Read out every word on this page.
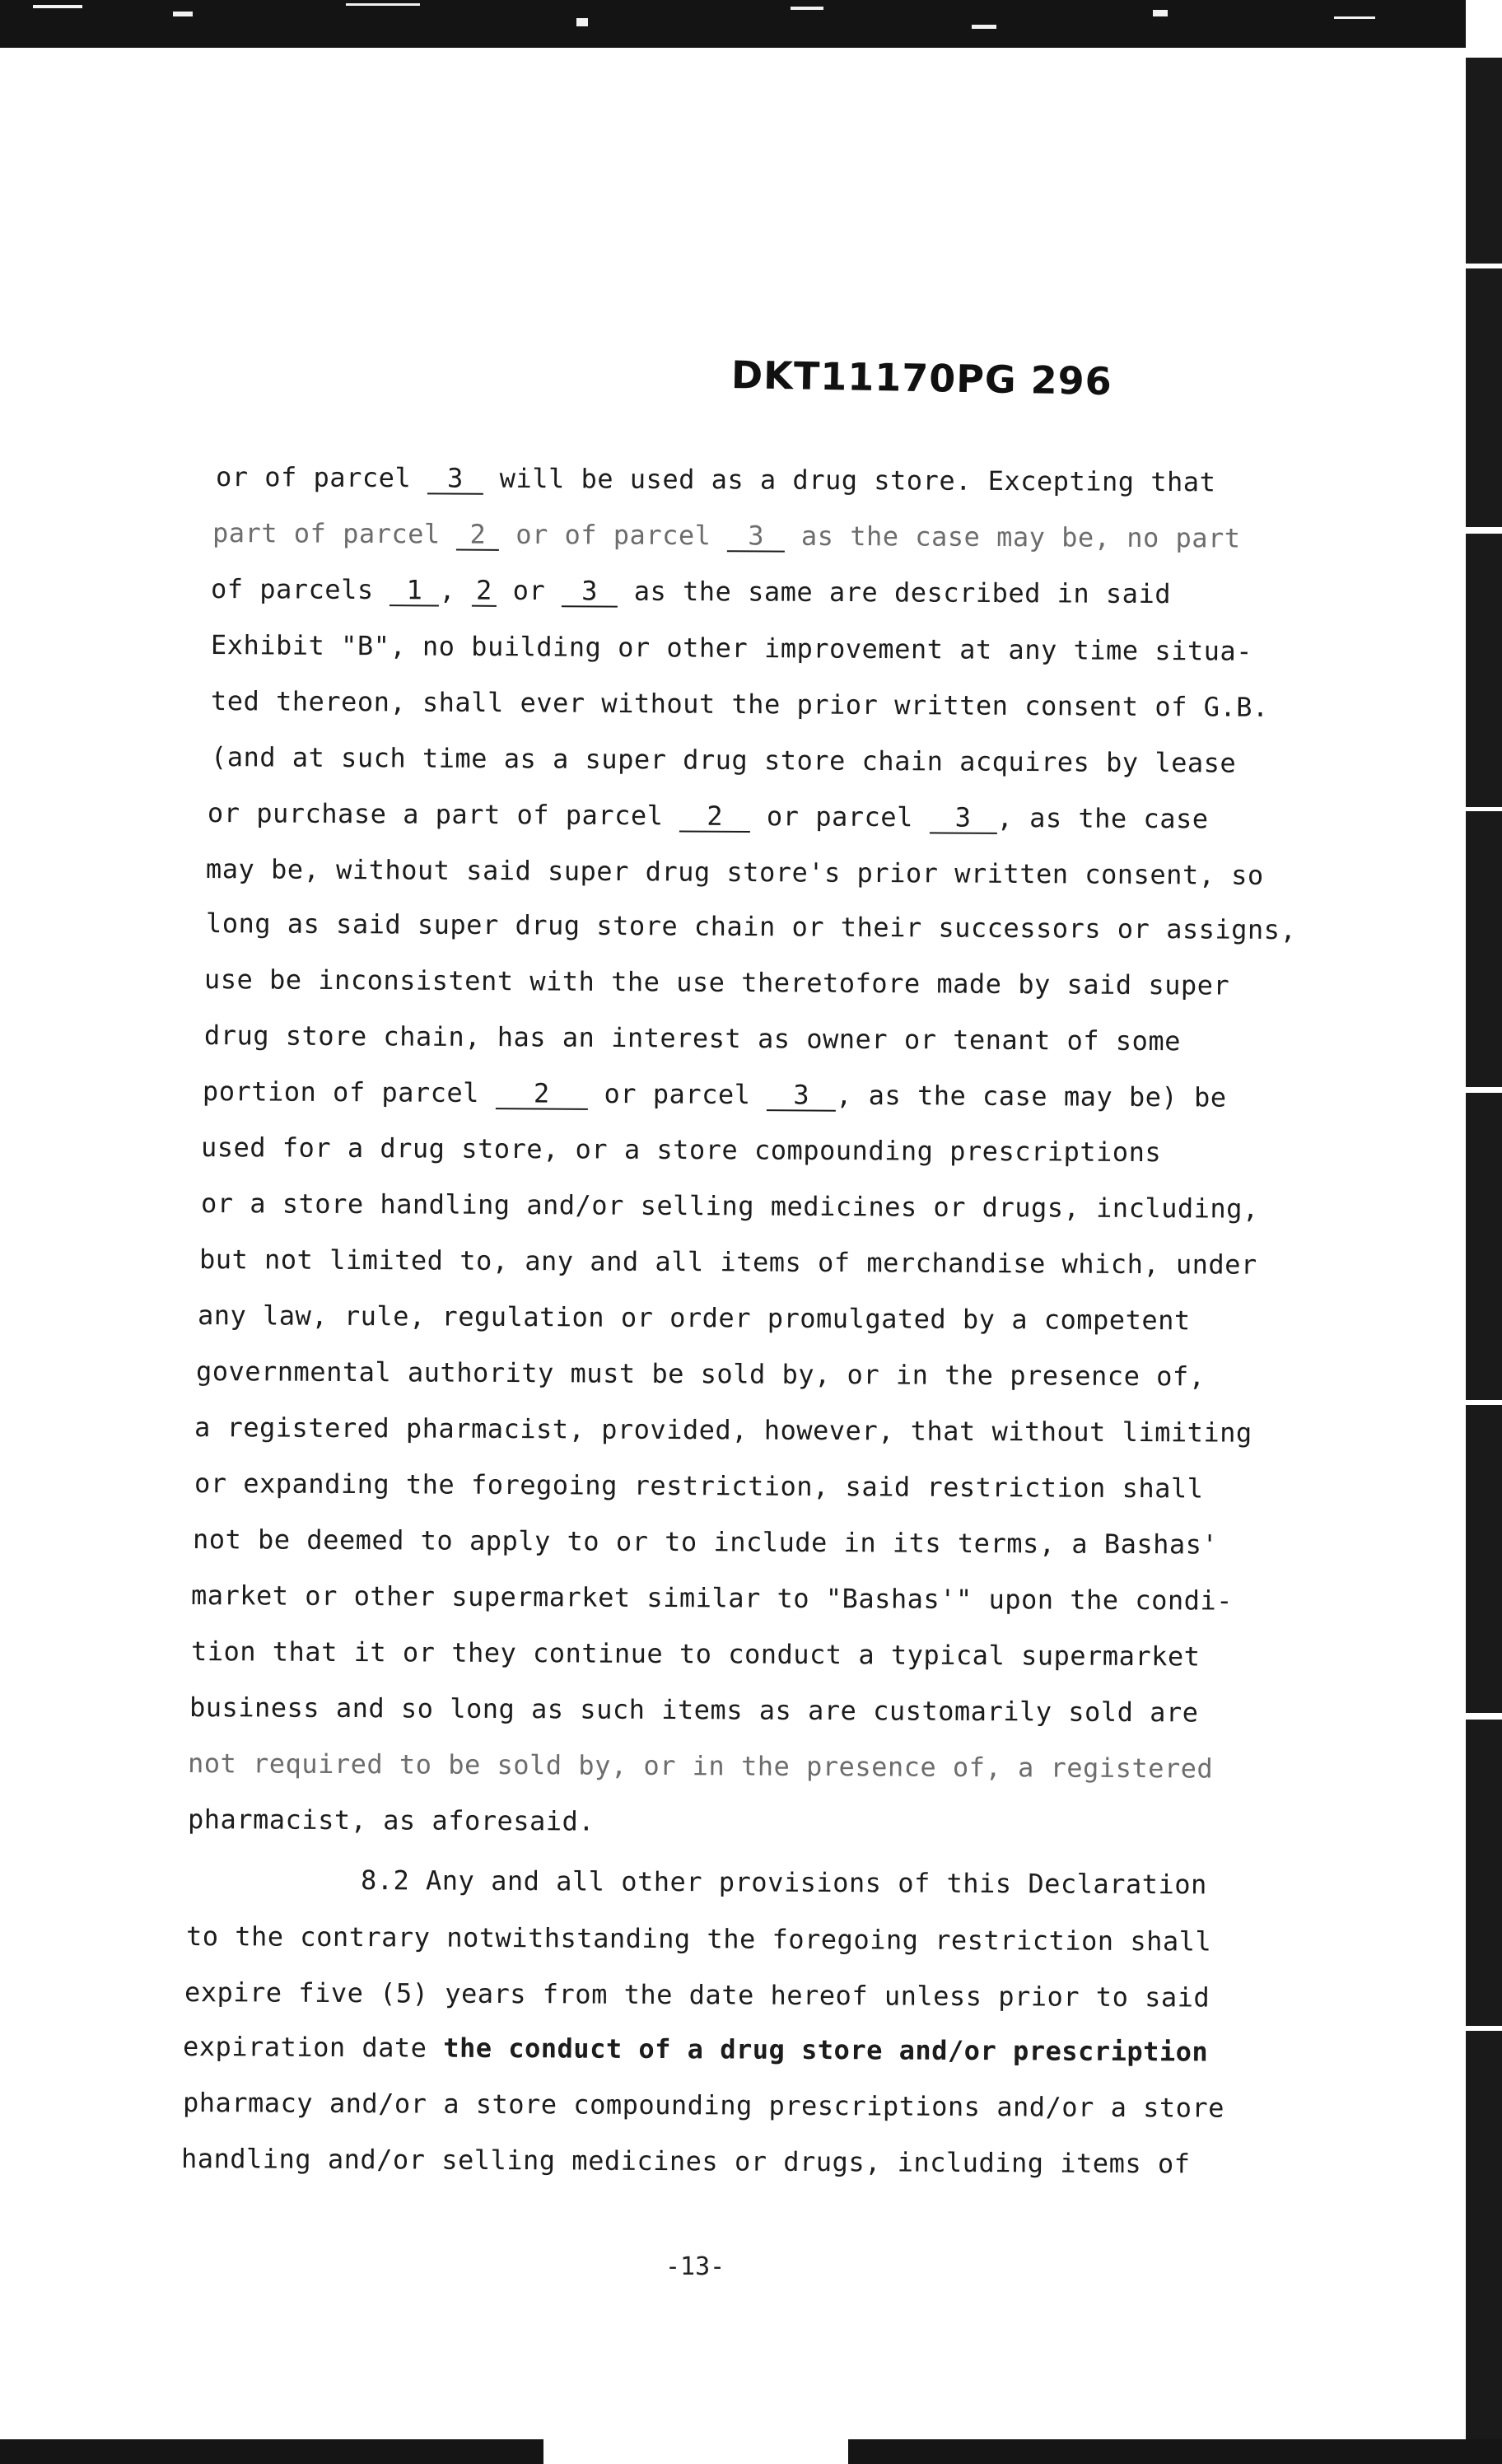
DKT11170PG 296
or of parcel 3 will be used as a drug store. Excepting that
part of parcel 2 or of parcel 3 as the case may be, no part
of parcels 1 , 2 or 3 as the same are described in said
Exhibit "B", no building or other improvement at any time situa-
ted thereon, shall ever without the prior written consent of G.B.
(and at such time as a super drug store chain acquires by lease
or purchase a part of parcel 2 or parcel 3 , as the case
may be, without said super drug store's prior written consent, so
long as said super drug store chain or their successors or assigns,
use be inconsistent with the use theretofore made by said super
drug store chain, has an interest as owner or tenant of some
portion of parcel 2 or parcel 3 , as the case may be) be
used for a drug store, or a store compounding prescriptions
or a store handling and/or selling medicines or drugs, including,
but not limited to, any and all items of merchandise which, under
any law, rule, regulation or order promulgated by a competent
governmental authority must be sold by, or in the presence of,
a registered pharmacist, provided, however, that without limiting
or expanding the foregoing restriction, said restriction shall
not be deemed to apply to or to include in its terms, a Bashas'
market or other supermarket similar to "Bashas'" upon the condi-
tion that it or they continue to conduct a typical supermarket
business and so long as such items as are customarily sold are
not required to be sold by, or in the presence of, a registered
pharmacist, as aforesaid.
8.2 Any and all other provisions of this Declaration
to the contrary notwithstanding the foregoing restriction shall
expire five (5) years from the date hereof unless prior to said
expiration date the conduct of a drug store and/or prescription
pharmacy and/or a store compounding prescriptions and/or a store
handling and/or selling medicines or drugs, including items of
-13-
